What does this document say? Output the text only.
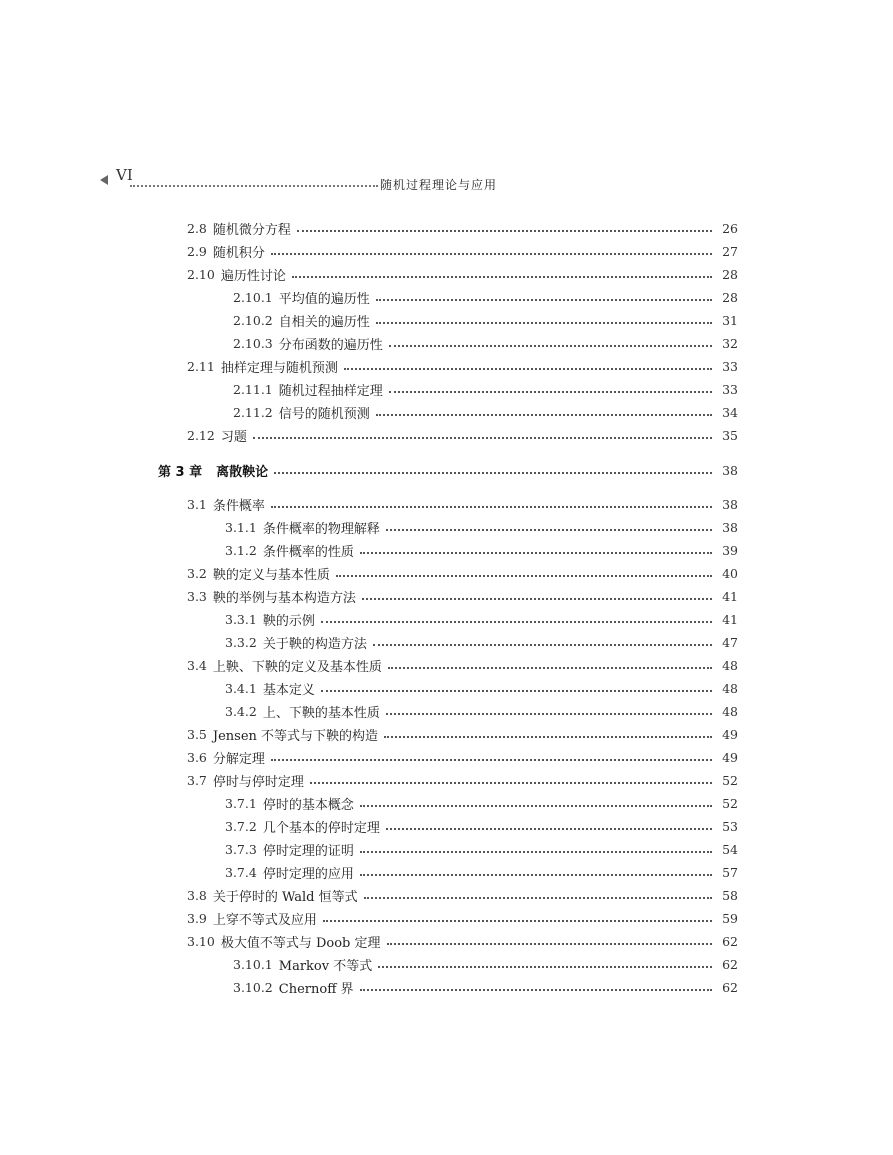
VI
随机过程理论与应用
2.8 随机微分方程	26
2.9 随机积分	27
2.10 遍历性讨论	28
2.10.1 平均值的遍历性	28
2.10.2 自相关的遍历性	31
2.10.3 分布函数的遍历性	32
2.11 抽样定理与随机预测	33
2.11.1 随机过程抽样定理	33
2.11.2 信号的随机预测	34
2.12 习题	35
第 3 章 离散鞅论	38
3.1 条件概率	38
3.1.1 条件概率的物理解释	38
3.1.2 条件概率的性质	39
3.2 鞅的定义与基本性质	40
3.3 鞅的举例与基本构造方法	41
3.3.1 鞅的示例	41
3.3.2 关于鞅的构造方法	47
3.4 上鞅、下鞅的定义及基本性质	48
3.4.1 基本定义	48
3.4.2 上、下鞅的基本性质	48
3.5 Jensen 不等式与下鞅的构造	49
3.6 分解定理	49
3.7 停时与停时定理	52
3.7.1 停时的基本概念	52
3.7.2 几个基本的停时定理	53
3.7.3 停时定理的证明	54
3.7.4 停时定理的应用	57
3.8 关于停时的 Wald 恒等式	58
3.9 上穿不等式及应用	59
3.10 极大值不等式与 Doob 定理	62
3.10.1 Markov 不等式	62
3.10.2 Chernoff 界	62
